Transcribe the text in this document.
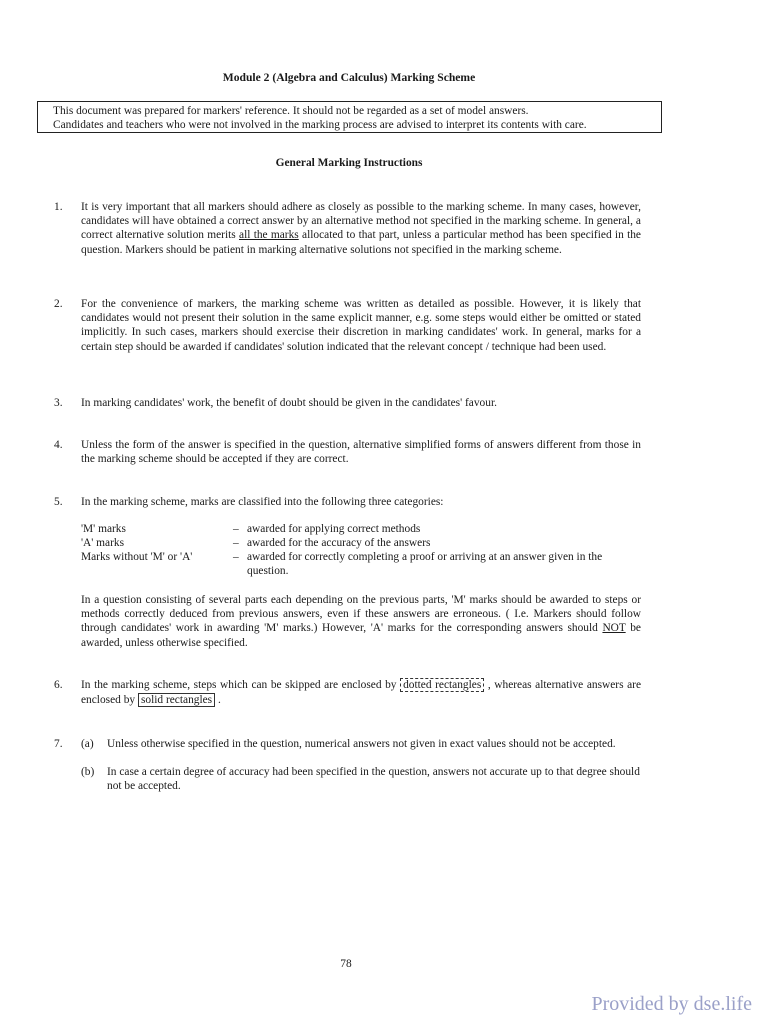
Module 2 (Algebra and Calculus) Marking Scheme
This document was prepared for markers' reference. It should not be regarded as a set of model answers.
Candidates and teachers who were not involved in the marking process are advised to interpret its contents with care.
General Marking Instructions
1. It is very important that all markers should adhere as closely as possible to the marking scheme. In many cases, however, candidates will have obtained a correct answer by an alternative method not specified in the marking scheme. In general, a correct alternative solution merits all the marks allocated to that part, unless a particular method has been specified in the question. Markers should be patient in marking alternative solutions not specified in the marking scheme.
2. For the convenience of markers, the marking scheme was written as detailed as possible. However, it is likely that candidates would not present their solution in the same explicit manner, e.g. some steps would either be omitted or stated implicitly. In such cases, markers should exercise their discretion in marking candidates' work. In general, marks for a certain step should be awarded if candidates' solution indicated that the relevant concept / technique had been used.
3. In marking candidates' work, the benefit of doubt should be given in the candidates' favour.
4. Unless the form of the answer is specified in the question, alternative simplified forms of answers different from those in the marking scheme should be accepted if they are correct.
5. In the marking scheme, marks are classified into the following three categories:
'M' marks	– awarded for applying correct methods
'A' marks	– awarded for the accuracy of the answers
Marks without 'M' or 'A'	– awarded for correctly completing a proof or arriving at an answer given in the question.
In a question consisting of several parts each depending on the previous parts, 'M' marks should be awarded to steps or methods correctly deduced from previous answers, even if these answers are erroneous. ( I.e. Markers should follow through candidates' work in awarding 'M' marks.) However, 'A' marks for the corresponding answers should NOT be awarded, unless otherwise specified.
6. In the marking scheme, steps which can be skipped are enclosed by dotted rectangles , whereas alternative answers are enclosed by solid rectangles .
7. (a) Unless otherwise specified in the question, numerical answers not given in exact values should not be accepted.
(b) In case a certain degree of accuracy had been specified in the question, answers not accurate up to that degree should not be accepted.
78
Provided by dse.life
